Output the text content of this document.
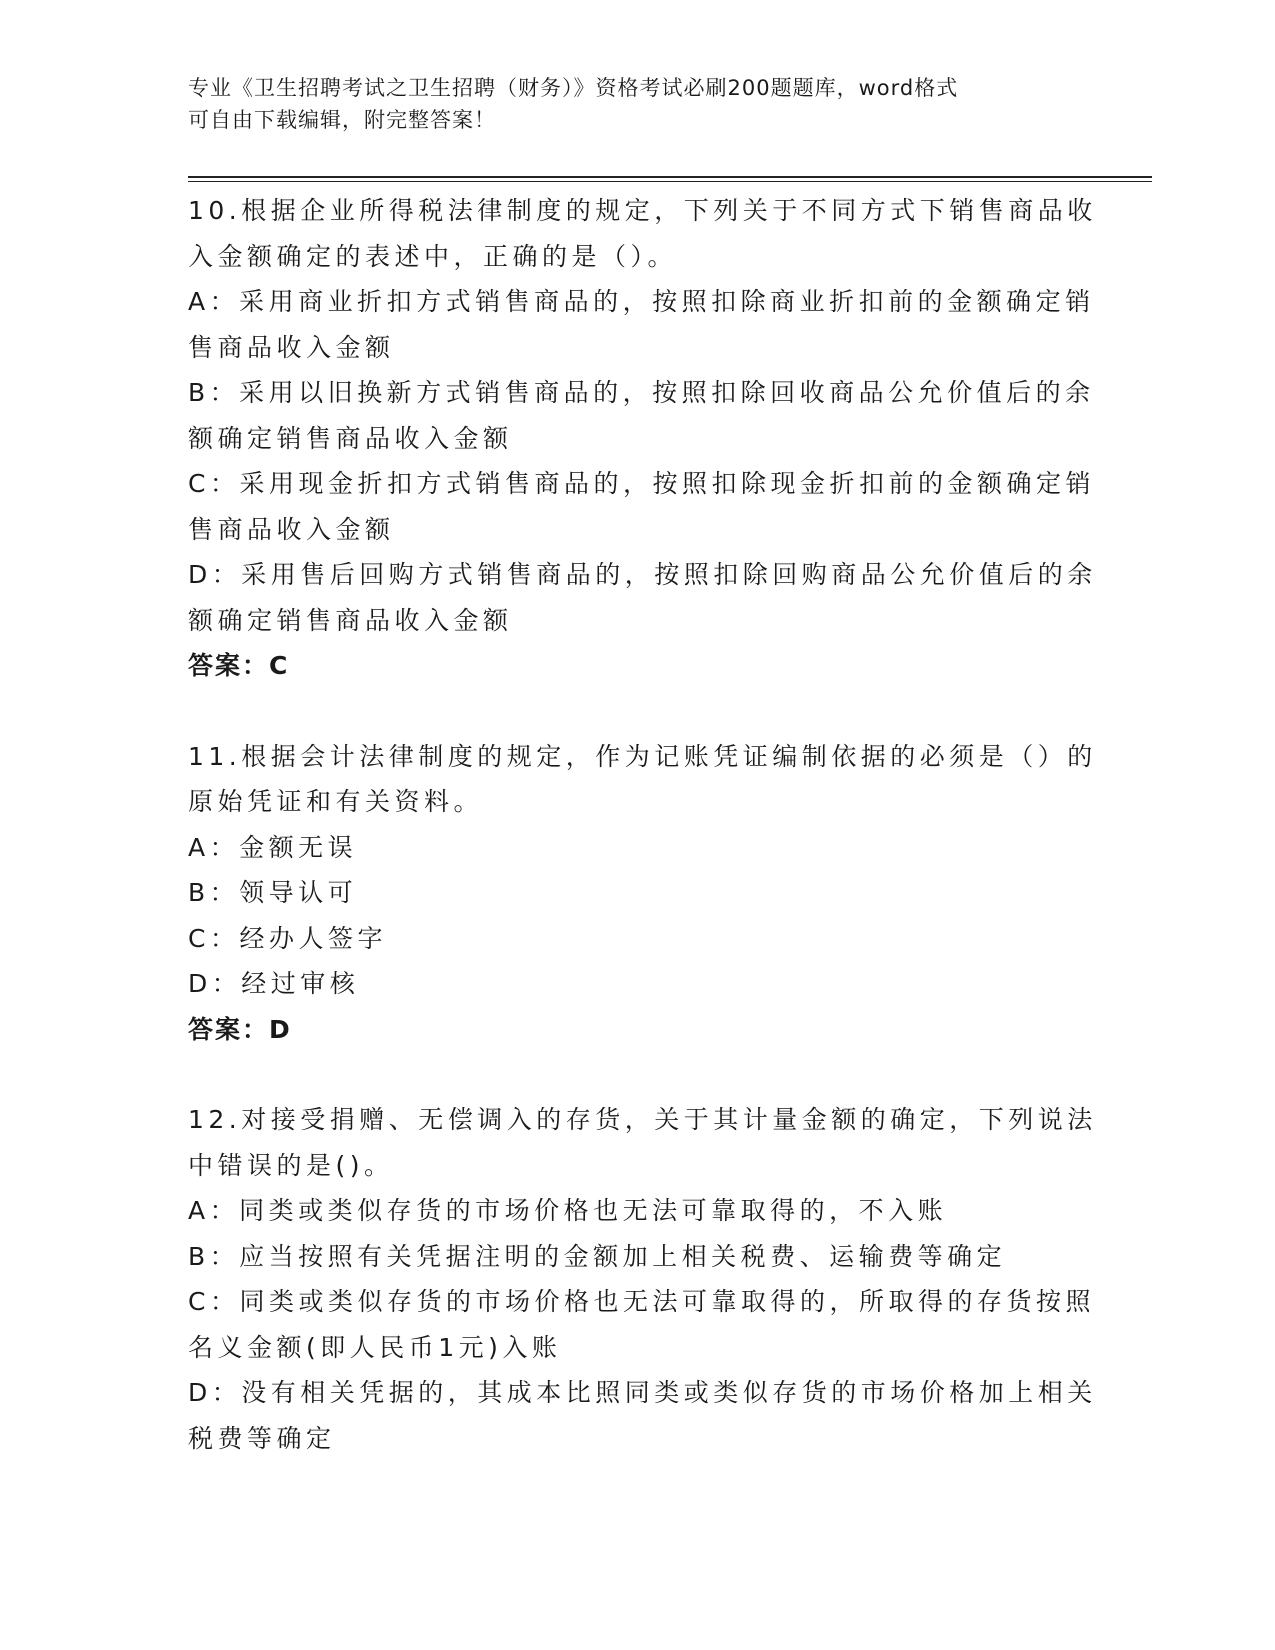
专业《卫生招聘考试之卫生招聘（财务）》资格考试必刷200题题库，word格式
可自由下载编辑，附完整答案！
10.根据企业所得税法律制度的规定，下列关于不同方式下销售商品收
入金额确定的表述中，正确的是（）。
A：采用商业折扣方式销售商品的，按照扣除商业折扣前的金额确定销
售商品收入金额
B：采用以旧换新方式销售商品的，按照扣除回收商品公允价值后的余
额确定销售商品收入金额
C：采用现金折扣方式销售商品的，按照扣除现金折扣前的金额确定销
售商品收入金额
D：采用售后回购方式销售商品的，按照扣除回购商品公允价值后的余
额确定销售商品收入金额
答案：C
11.根据会计法律制度的规定，作为记账凭证编制依据的必须是（）的
原始凭证和有关资料。
A：金额无误
B：领导认可
C：经办人签字
D：经过审核
答案：D
12.对接受捐赠、无偿调入的存货，关于其计量金额的确定，下列说法
中错误的是()。
A：同类或类似存货的市场价格也无法可靠取得的，不入账
B：应当按照有关凭据注明的金额加上相关税费、运输费等确定
C：同类或类似存货的市场价格也无法可靠取得的，所取得的存货按照
名义金额(即人民币1元)入账
D：没有相关凭据的，其成本比照同类或类似存货的市场价格加上相关
税费等确定
